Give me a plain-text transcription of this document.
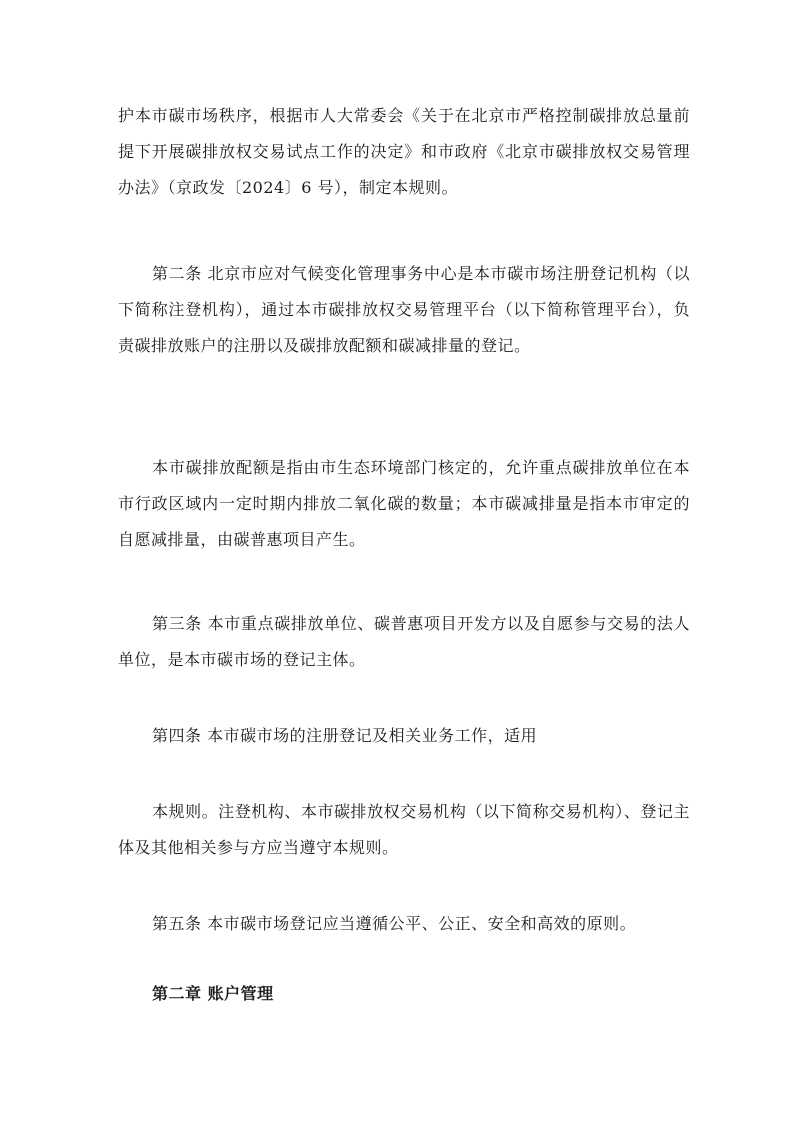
护本市碳市场秩序，根据市人大常委会《关于在北京市严格控制碳排放总量前提下开展碳排放权交易试点工作的决定》和市政府《北京市碳排放权交易管理办法》（京政发〔2024〕6 号），制定本规则。

第二条 北京市应对气候变化管理事务中心是本市碳市场注册登记机构（以下简称注登机构），通过本市碳排放权交易管理平台（以下简称管理平台），负责碳排放账户的注册以及碳排放配额和碳减排量的登记。

本市碳排放配额是指由市生态环境部门核定的，允许重点碳排放单位在本市行政区域内一定时期内排放二氧化碳的数量；本市碳减排量是指本市审定的自愿减排量，由碳普惠项目产生。

第三条 本市重点碳排放单位、碳普惠项目开发方以及自愿参与交易的法人单位，是本市碳市场的登记主体。

第四条 本市碳市场的注册登记及相关业务工作，适用

本规则。注登机构、本市碳排放权交易机构（以下简称交易机构）、登记主体及其他相关参与方应当遵守本规则。

第五条 本市碳市场登记应当遵循公平、公正、安全和高效的原则。

第二章 账户管理
